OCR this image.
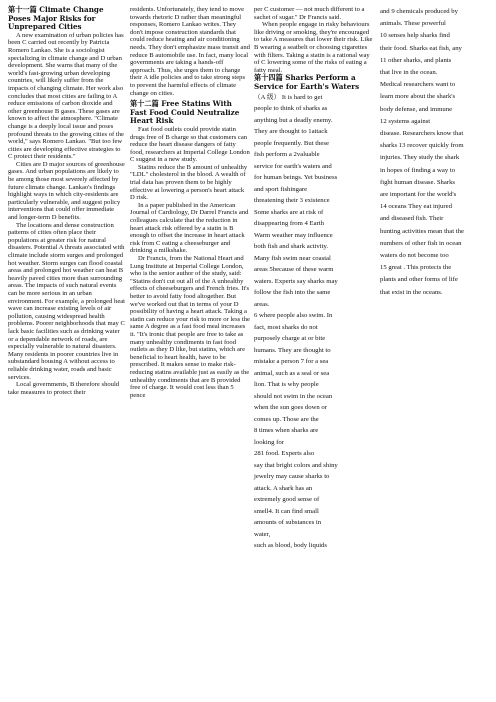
第十一篇 Climate Change Poses Major Risks for Unprepared Cities

A new examination of urban policies has been C carried out recently by Patricia Romero Lankao. She is a sociologist specializing in climate change and D urban development. She warns that many of the world's fast-growing urban developing countries, will likely suffer from the impacts of changing climate. Her work also concludes that most cities are failing to A reduce emissions of carbon dioxide and other greenhouse B gases. These gases are known to affect the atmosphere. "Climate change is a deeply local issue and poses profound threats to the growing cities of the world," says Romero Lankao. "But too few cities are developing effective strategies to C protect their residents."

Cities are D major sources of greenhouse gases. And urban populations are likely to be among those most severely affected by future climate change. Lankao's findings highlight ways in which city-residents are particularly vulnerable, and suggest policy interventions that could offer immediate and longer-term D benefits.

The locations and dense construction patterns of cities often place their populations at greater risk for natural disasters. Potential A threats associated with climate include storm surges and prolonged hot weather. Storm surges can flood coastal areas and prolonged hot weather can heat B heavily paved cities more than surrounding areas. The impacts of such natural events can be more serious in an urban environment. For example, a prolonged heat wave can increase existing levels of air pollution, causing widespread health problems. Poorer neighborhoods that may C lack basic facilities such as drinking water or a dependable network of roads, are especially vulnerable to natural disasters. Many residents in poorer countries live in substandard housing A without access to reliable drinking water, roads and basic services.

Local governments, B therefore should take measures to protect their

residents. Unfortunately, they tend to move towards rhetoric D rather than meaningful responses, Romero Lankao writes. They don't impose construction standards that could reduce heating and air conditioning needs. They don't emphasize mass transit and reduce B automobile use. In fact, many local governments are taking a hands-off approach. Thus, she urges them to change their A idle policies and to take strong steps to prevent the harmful effects of climate change on cities.

第十二篇 Free Statins With Fast Food Could Neutralize Heart Risk

Fast food outlets could provide statin drugs free of B charge so that customers can reduce the heart disease dangers of fatty food, researchers at Imperial College London C suggest in a new study.

Statins reduce the B amount of unhealthy "LDL" cholesterol in the blood. A wealth of trial data has proven them to be highly effective at lowering a person's heart attack D risk.

In a paper published in the American Journal of Cardiology, Dr Darrel Francis and colleagues calculate that the reduction in heart attack risk offered by a statin is B enough to offset the increase in heart attack risk from C eating a cheeseburger and drinking a milkshake.

Dr Francis, from the National Heart and Lung Institute at Imperial College London, who is the senior author of the study, said: "Statins don't cut out all of the A unhealthy effects of cheeseburgers and French fries. It's better to avoid fatty food altogether. But we've worked out that in terms of your D possibility of having a heart attack. Taking a statin can reduce your risk to more or less the same A degree as a fast food meal increases it. "It's ironic that people are free to take as many unhealthy condiments in fast food outlets as they D like, but statins, which are beneficial to heart health, have to be prescribed. It makes sense to make risk-reducing statins available just as easily as the unhealthy condiments that are B provided free of charge. It would cost less than 5 pence

per C customer — not much different to a sachet of sugar." Dr Francis said.

When people engage in risky behaviours like driving or smoking, they're encouraged to take A measures that lower their risk. Like B wearing a seatbelt or choosing cigarettes with filters. Taking a statin is a rational way of C lowering some of the risks of eating a fatty meal.

第十四篇 Sharks Perform a Service for Earth's Waters

（A 级） It is hard to get
people to think of sharks as
anything but a deadly enemy.
They are thought to 1attack
people frequently. But these
fish perform a 2valuable
service for earth's waters and
for human beings. Yet business
and sport fishingare
threatening their 3 existence
Some sharks are at risk of
disappearing from 4 Earth
Warm weather may influence
both fish and shark activity.
Many fish swim near coastal
areas 5because of these warm
waters. Experts say sharks may
follow the fish into the same
areas.
6 where people also swim. In
fact, most sharks do not
purposely charge at or bite
humans. They are thought to
mistake a person 7 for a sea
animal, such as a seal or sea
lion. That is why people
should not swim in the ocean
when the sun goes down or
comes up. Those are the
8 times when sharks are
looking for
281 food. Experts also
say that bright colors and shiny
jewelry may cause sharks to
attack. A shark has an
extremely good sense of
smell4. It can find small
amounts of substances in
water,
such as blood, body liquids
and 9 chemicals produced by
animals. These powerful
10 senses help sharks find
their food. Sharks eat fish, any
11 other sharks, and plants
that live in the ocean.
Medical researchers want to
learn more about the shark's
body defense, and immune
12 systems against
disease. Researchers know that
sharks 13 recover quickly from
injuries. They study the shark
in hopes of finding a way to
fight human disease. Sharks
are important for the world's
14 oceans They eat injured
and diseased fish. Their
hunting activities mean that the
numbers of other fish in ocean
waters do not become too
15 great . This protects the
plants and other forms of life
that exist in the oceans.
